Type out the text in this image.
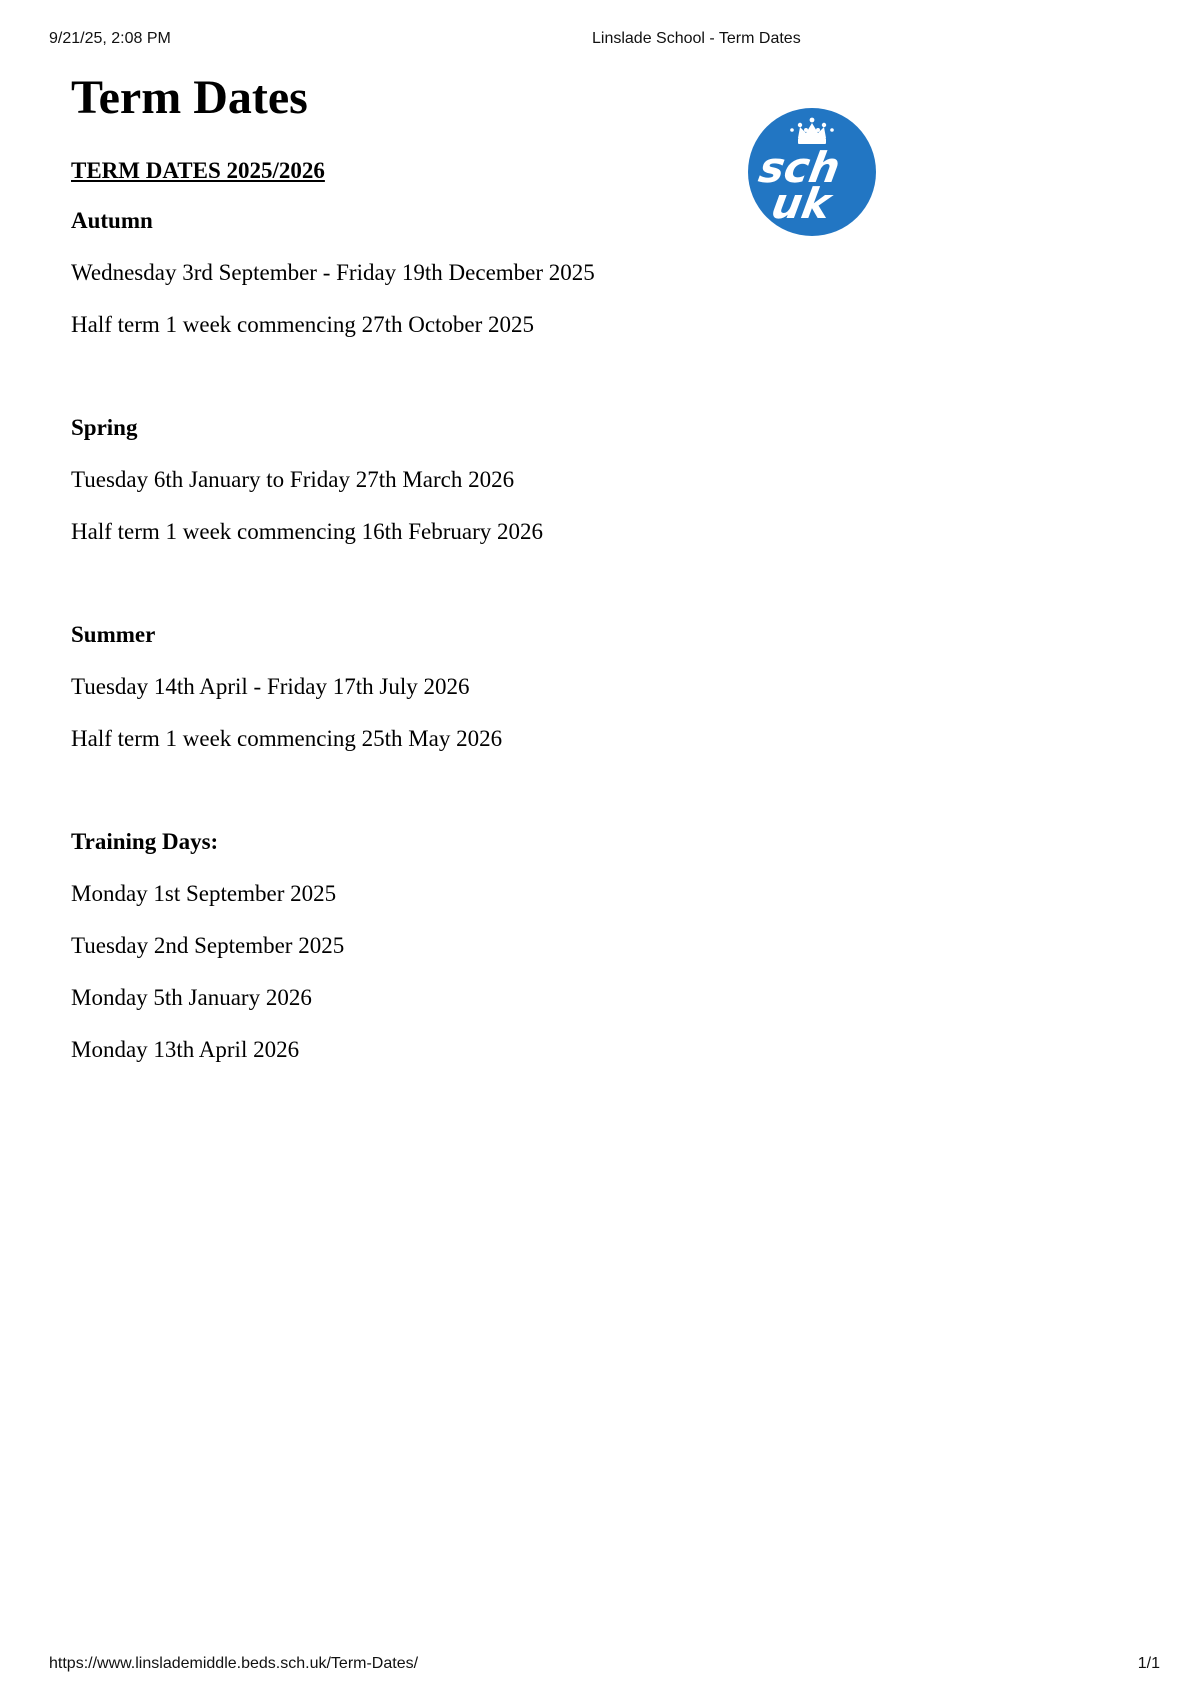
9/21/25, 2:08 PM	Linslade School - Term Dates
Term Dates
TERM DATES 2025/2026

Autumn

Wednesday 3rd September - Friday 19th December 2025

Half term 1 week commencing 27th October 2025

Spring

Tuesday 6th January to Friday 27th March 2026

Half term 1 week commencing 16th February 2026

Summer

Tuesday 14th April - Friday 17th July 2026

Half term 1 week commencing 25th May 2026

Training Days:

Monday 1st September 2025

Tuesday 2nd September 2025

Monday 5th January 2026

Monday 13th April 2026

sch
uk
https://www.linslademiddle.beds.sch.uk/Term-Dates/	1/1
